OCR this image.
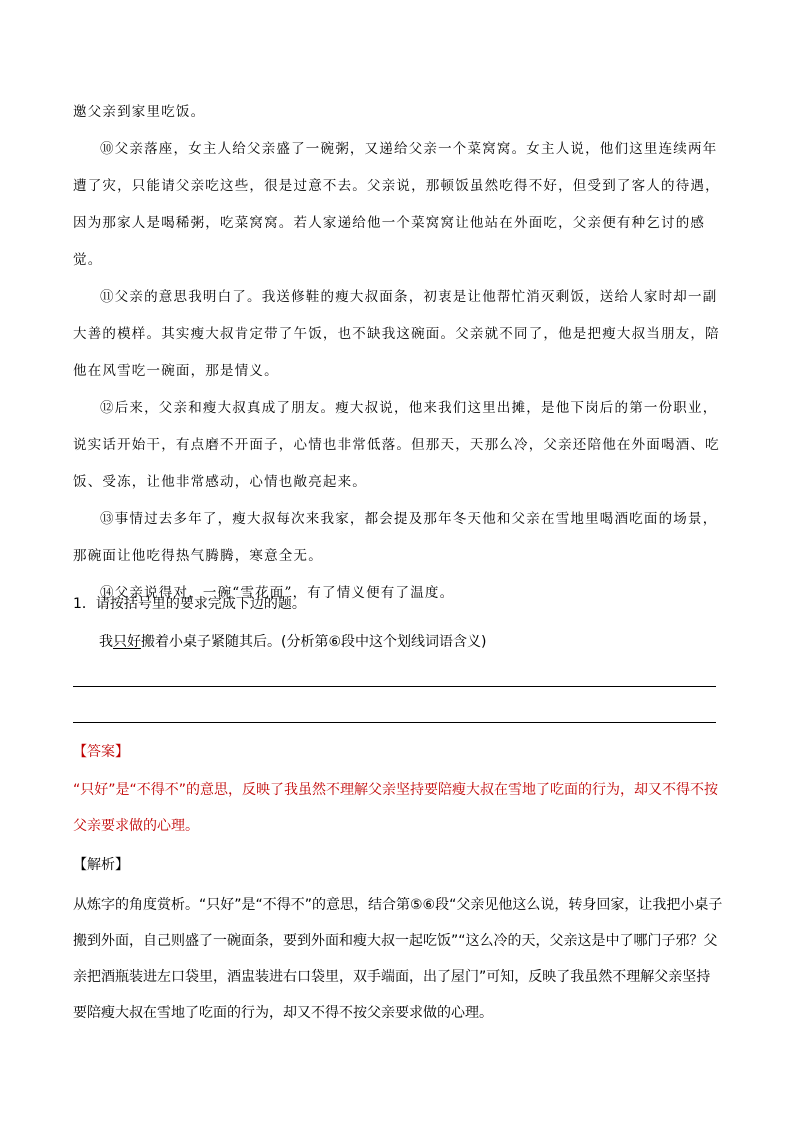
邀父亲到家里吃饭。

⑩父亲落座，女主人给父亲盛了一碗粥，又递给父亲一个菜窝窝。女主人说，他们这里连续两年遭了灾，只能请父亲吃这些，很是过意不去。父亲说，那顿饭虽然吃得不好，但受到了客人的待遇，因为那家人是喝稀粥，吃菜窝窝。若人家递给他一个菜窝窝让他站在外面吃，父亲便有种乞讨的感觉。

⑪父亲的意思我明白了。我送修鞋的瘦大叔面条，初衷是让他帮忙消灭剩饭，送给人家时却一副大善的模样。其实瘦大叔肯定带了午饭，也不缺我这碗面。父亲就不同了，他是把瘦大叔当朋友，陪他在风雪吃一碗面，那是情义。

⑫后来，父亲和瘦大叔真成了朋友。瘦大叔说，他来我们这里出摊，是他下岗后的第一份职业，说实话开始干，有点磨不开面子，心情也非常低落。但那天，天那么冷，父亲还陪他在外面喝酒、吃饭、受冻，让他非常感动，心情也敞亮起来。

⑬事情过去多年了，瘦大叔每次来我家，都会提及那年冬天他和父亲在雪地里喝酒吃面的场景，那碗面让他吃得热气腾腾，寒意全无。

⑭父亲说得对，一碗“雪花面”，有了情义便有了温度。

1．请按括号里的要求完成下边的题。
我只好搬着小桌子紧随其后。(分析第⑥段中这个划线词语含义)
【答案】
“只好”是“不得不”的意思，反映了我虽然不理解父亲坚持要陪瘦大叔在雪地了吃面的行为，却又不得不按父亲要求做的心理。
【解析】
从炼字的角度赏析。“只好”是“不得不”的意思，结合第⑤⑥段“父亲见他这么说，转身回家，让我把小桌子搬到外面，自己则盛了一碗面条，要到外面和瘦大叔一起吃饭”“这么冷的天，父亲这是中了哪门子邪？父亲把酒瓶装进左口袋里，酒盅装进右口袋里，双手端面，出了屋门”可知，反映了我虽然不理解父亲坚持要陪瘦大叔在雪地了吃面的行为，却又不得不按父亲要求做的心理。
